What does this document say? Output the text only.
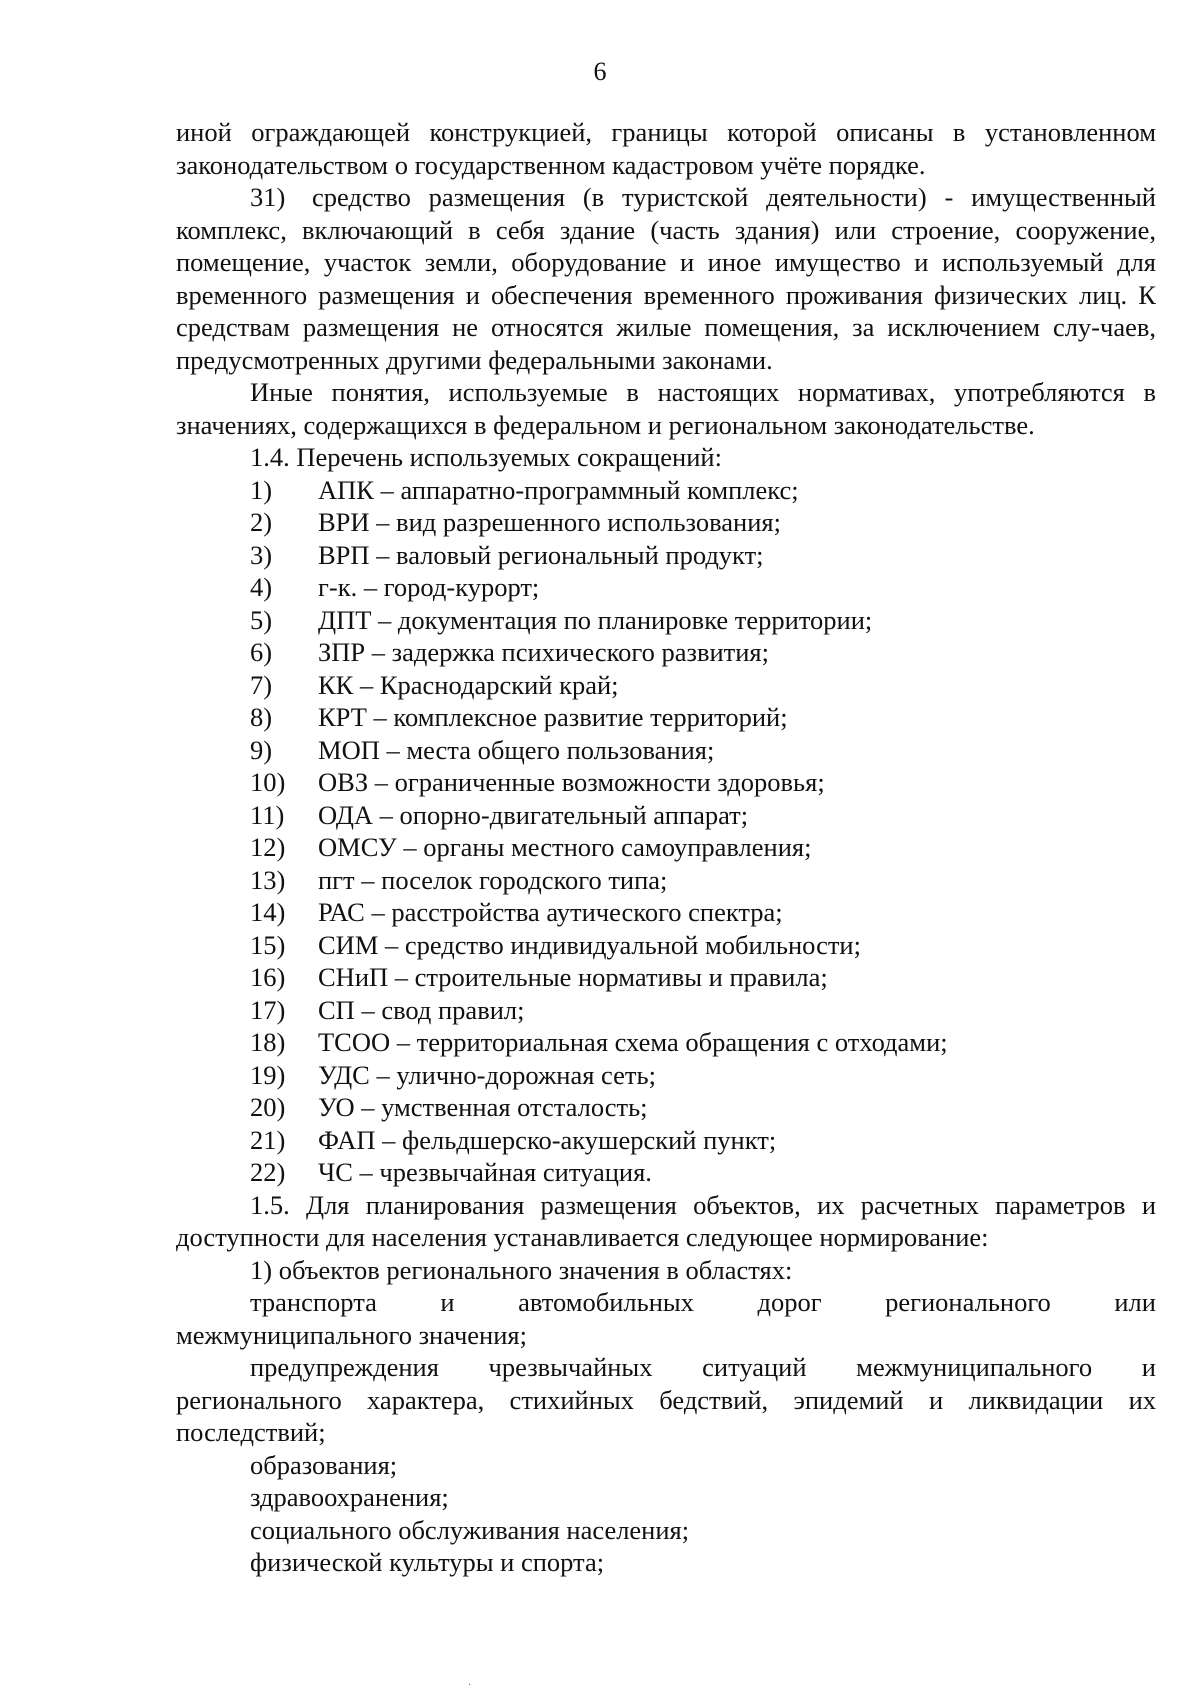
6

иной ограждающей конструкцией, границы которой описаны в установленном законодательством о государственном кадастровом учёте порядке.

31) средство размещения (в туристской деятельности) - имущественный комплекс, включающий в себя здание (часть здания) или строение, сооружение, помещение, участок земли, оборудование и иное имущество и используемый для временного размещения и обеспечения временного проживания физических лиц. К средствам размещения не относятся жилые помещения, за исключением слу-чаев, предусмотренных другими федеральными законами.

Иные понятия, используемые в настоящих нормативах, употребляются в значениях, содержащихся в федеральном и региональном законодательстве.

1.4. Перечень используемых сокращений:

1)	АПК – аппаратно-программный комплекс;
2)	ВРИ – вид разрешенного использования;
3)	ВРП – валовый региональный продукт;
4)	г-к. – город-курорт;
5)	ДПТ – документация по планировке территории;
6)	ЗПР – задержка психического развития;
7)	КК – Краснодарский край;
8)	КРТ – комплексное развитие территорий;
9)	МОП – места общего пользования;
10)	ОВЗ – ограниченные возможности здоровья;
11)	ОДА – опорно-двигательный аппарат;
12)	ОМСУ – органы местного самоуправления;
13)	пгт – поселок городского типа;
14)	РАС – расстройства аутического спектра;
15)	СИМ – средство индивидуальной мобильности;
16)	СНиП – строительные нормативы и правила;
17)	СП – свод правил;
18)	ТСОО – территориальная схема обращения с отходами;
19)	УДС – улично-дорожная сеть;
20)	УО – умственная отсталость;
21)	ФАП – фельдшерско-акушерский пункт;
22)	ЧС – чрезвычайная ситуация.

1.5. Для планирования размещения объектов, их расчетных параметров и доступности для населения устанавливается следующее нормирование:

1) объектов регионального значения в областях:

транспорта и автомобильных дорог регионального или

межмуниципального значения;

предупреждения чрезвычайных ситуаций межмуниципального и

регионального характера, стихийных бедствий, эпидемий и ликвидации их последствий;

образования;

здравоохранения;

социального обслуживания населения;

физической культуры и спорта;

·
